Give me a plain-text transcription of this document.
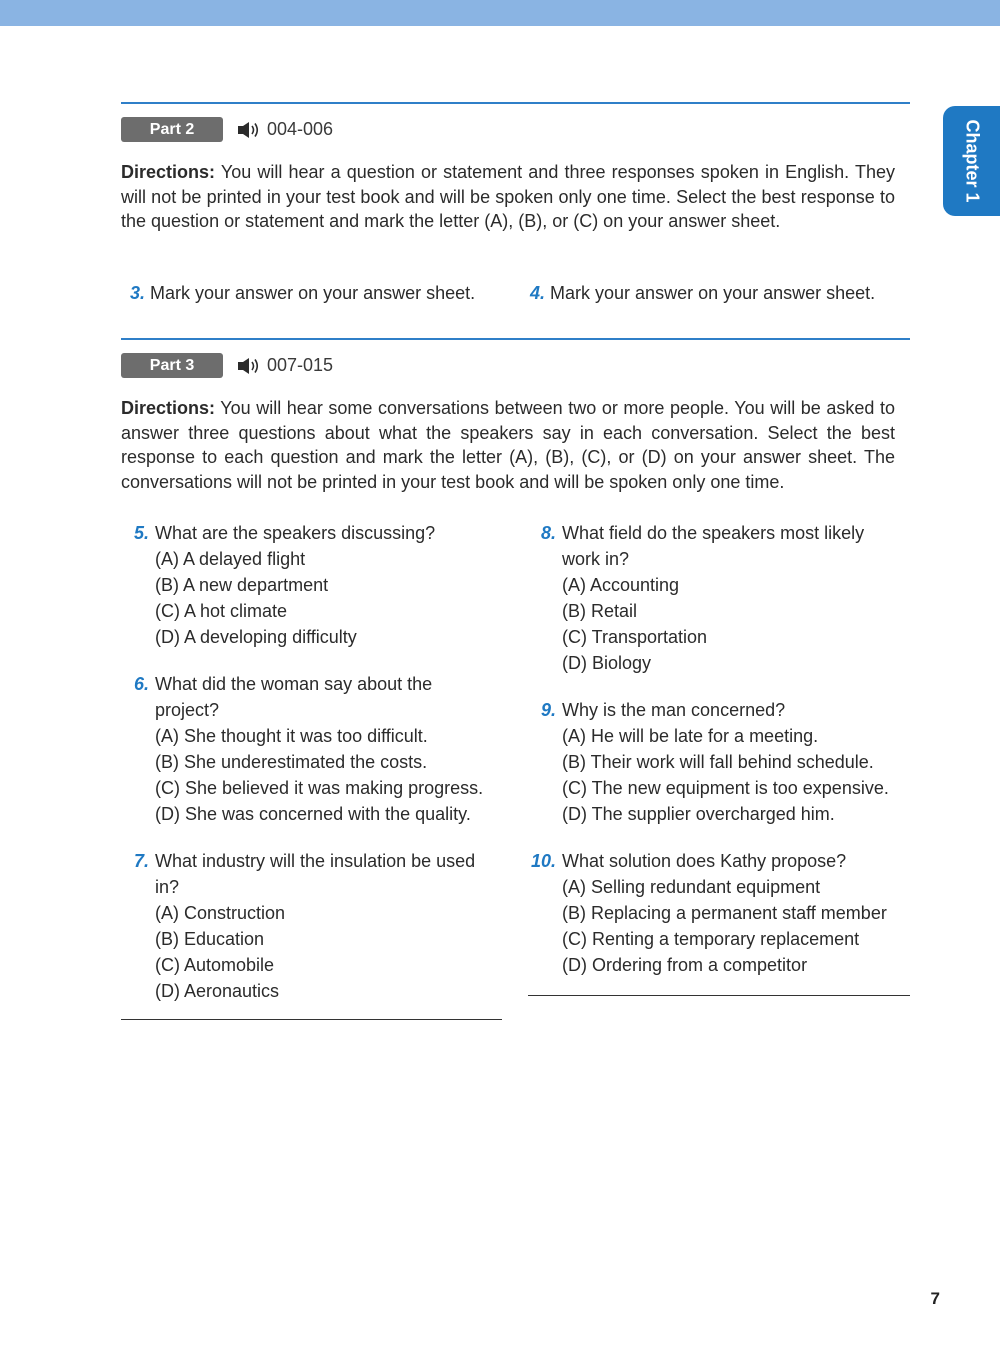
Chapter 1
Part 2	004-006

Directions: You will hear a question or statement and three responses spoken in English. They will not be printed in your test book and will be spoken only one time. Select the best response to the question or statement and mark the letter (A), (B), or (C) on your answer sheet.

3. Mark your answer on your answer sheet.	4. Mark your answer on your answer sheet.
Part 3	007-015

Directions: You will hear some conversations between two or more people. You will be asked to answer three questions about what the speakers say in each conversation. Select the best response to each question and mark the letter (A), (B), (C), or (D) on your answer sheet. The conversations will not be printed in your test book and will be spoken only one time.

5. What are the speakers discussing?
(A) A delayed flight
(B) A new department
(C) A hot climate
(D) A developing difficulty
6. What did the woman say about the
project?
(A) She thought it was too difficult.
(B) She underestimated the costs.
(C) She believed it was making progress.
(D) She was concerned with the quality.
7. What industry will the insulation be used
in?
(A) Construction
(B) Education
(C) Automobile
(D) Aeronautics
8. What field do the speakers most likely
work in?
(A) Accounting
(B) Retail
(C) Transportation
(D) Biology
9. Why is the man concerned?
(A) He will be late for a meeting.
(B) Their work will fall behind schedule.
(C) The new equipment is too expensive.
(D) The supplier overcharged him.
10. What solution does Kathy propose?
(A) Selling redundant equipment
(B) Replacing a permanent staff member
(C) Renting a temporary replacement
(D) Ordering from a competitor
7
